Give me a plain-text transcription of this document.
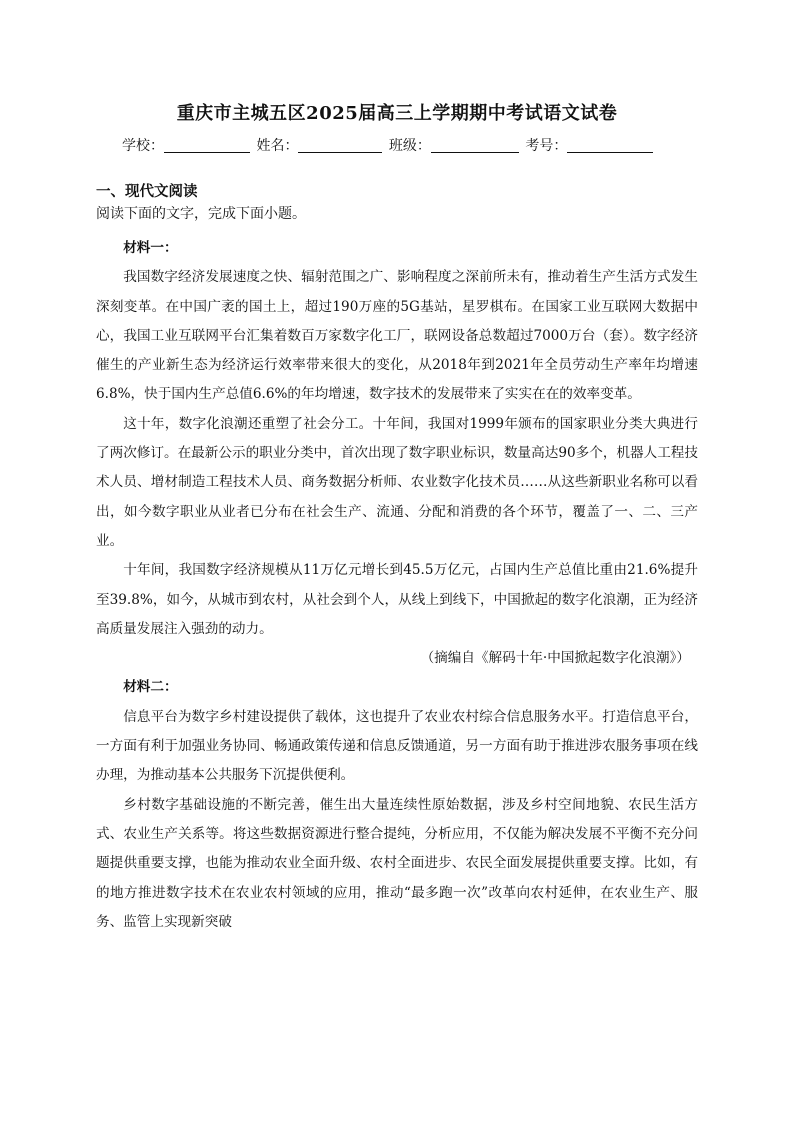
重庆市主城五区2025届高三上学期期中考试语文试卷
学校：	姓名：	班级：	考号：
一、现代文阅读

阅读下面的文字，完成下面小题。

材料一：

我国数字经济发展速度之快、辐射范围之广、影响程度之深前所未有，推动着生产生活方式发生深刻变革。在中国广袤的国土上，超过190万座的5G基站，星罗棋布。在国家工业互联网大数据中心，我国工业互联网平台汇集着数百万家数字化工厂，联网设备总数超过7000万台（套）。数字经济催生的产业新生态为经济运行效率带来很大的变化，从2018年到2021年全员劳动生产率年均增速6.8%，快于国内生产总值6.6%的年均增速，数字技术的发展带来了实实在在的效率变革。

这十年，数字化浪潮还重塑了社会分工。十年间，我国对1999年颁布的国家职业分类大典进行了两次修订。在最新公示的职业分类中，首次出现了数字职业标识，数量高达90多个，机器人工程技术人员、增材制造工程技术人员、商务数据分析师、农业数字化技术员……从这些新职业名称可以看出，如今数字职业从业者已分布在社会生产、流通、分配和消费的各个环节，覆盖了一、二、三产业。

十年间，我国数字经济规模从11万亿元增长到45.5万亿元，占国内生产总值比重由21.6%提升至39.8%，如今，从城市到农村，从社会到个人，从线上到线下，中国掀起的数字化浪潮，正为经济高质量发展注入强劲的动力。

（摘编自《解码十年·中国掀起数字化浪潮》）

材料二：

信息平台为数字乡村建设提供了载体，这也提升了农业农村综合信息服务水平。打造信息平台，一方面有利于加强业务协同、畅通政策传递和信息反馈通道，另一方面有助于推进涉农服务事项在线办理，为推动基本公共服务下沉提供便利。

乡村数字基础设施的不断完善，催生出大量连续性原始数据，涉及乡村空间地貌、农民生活方式、农业生产关系等。将这些数据资源进行整合提纯，分析应用，不仅能为解决发展不平衡不充分问题提供重要支撑，也能为推动农业全面升级、农村全面进步、农民全面发展提供重要支撑。比如，有的地方推进数字技术在农业农村领域的应用，推动“最多跑一次”改革向农村延伸，在农业生产、服务、监管上实现新突破
